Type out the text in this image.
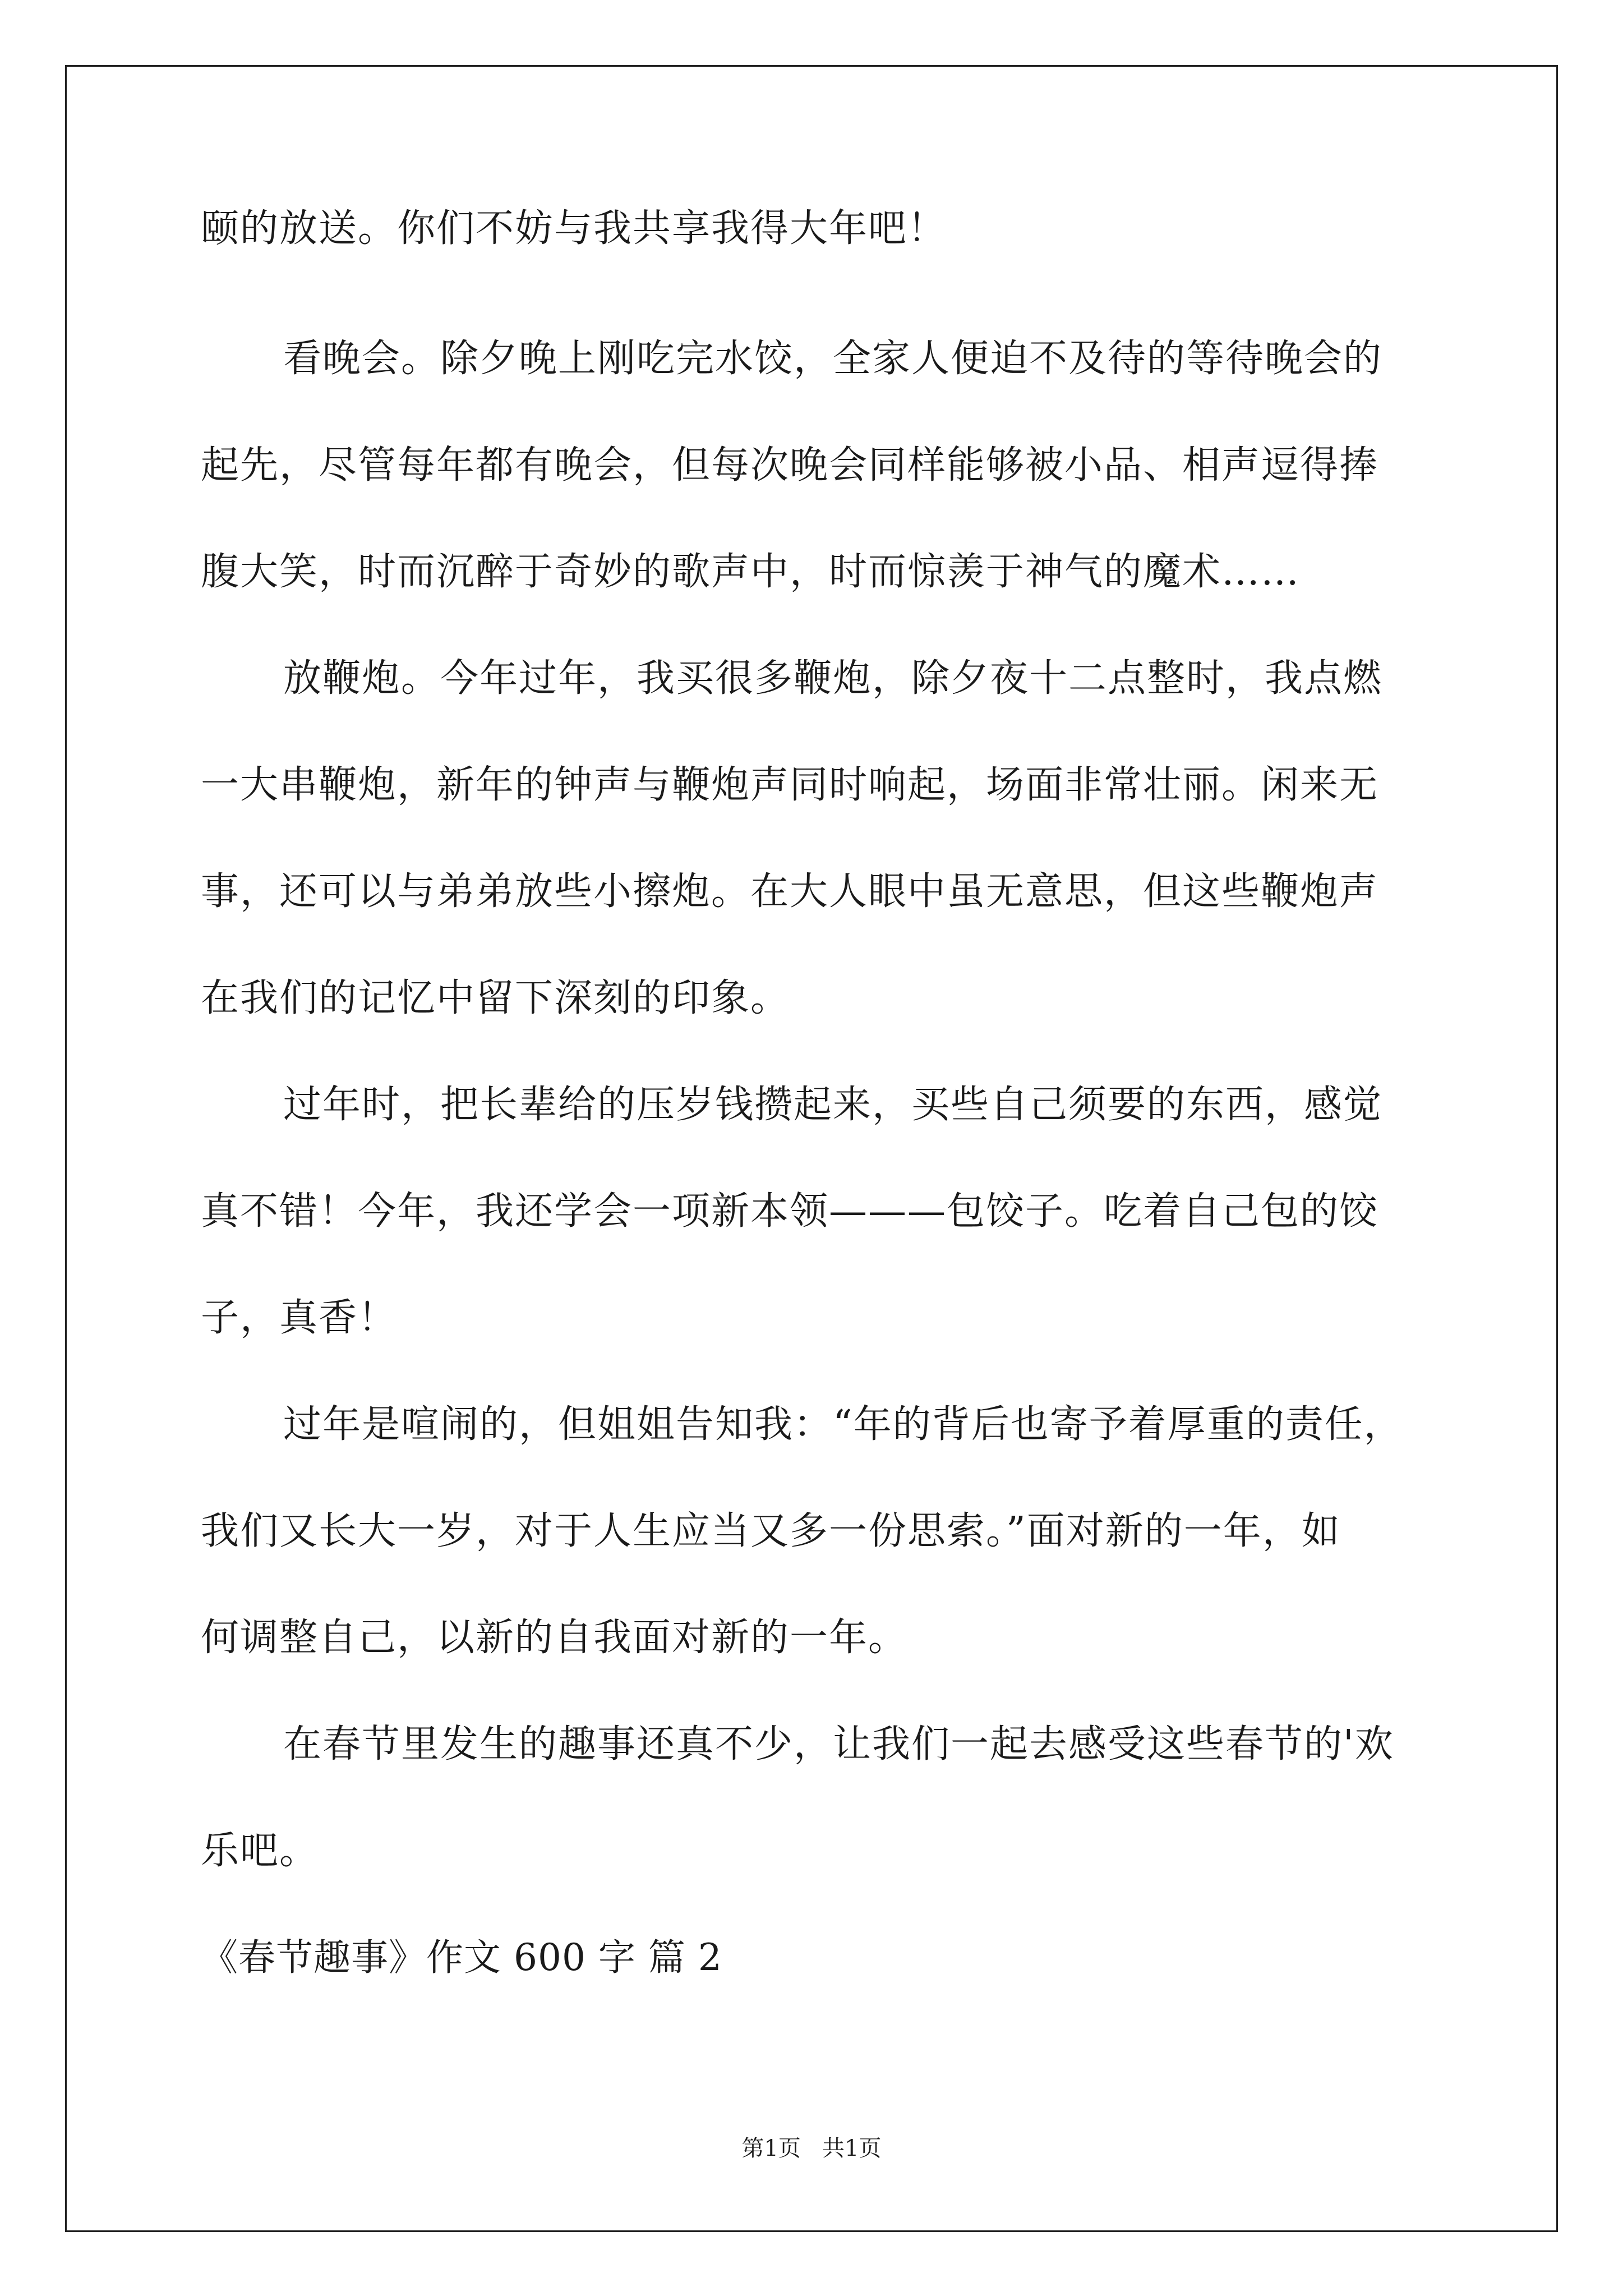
颐的放送。你们不妨与我共享我得大年吧！
看晚会。除夕晚上刚吃完水饺，全家人便迫不及待的等待晚会的
起先，尽管每年都有晚会，但每次晚会同样能够被小品、相声逗得捧
腹大笑，时而沉醉于奇妙的歌声中，时而惊羡于神气的魔术……
放鞭炮。今年过年，我买很多鞭炮，除夕夜十二点整时，我点燃
一大串鞭炮，新年的钟声与鞭炮声同时响起，场面非常壮丽。闲来无
事，还可以与弟弟放些小擦炮。在大人眼中虽无意思，但这些鞭炮声
在我们的记忆中留下深刻的印象。
过年时，把长辈给的压岁钱攒起来，买些自己须要的东西，感觉
真不错！今年，我还学会一项新本领———包饺子。吃着自己包的饺
子，真香！
过年是喧闹的，但姐姐告知我：“年的背后也寄予着厚重的责任，
我们又长大一岁，对于人生应当又多一份思索。”面对新的一年，如
何调整自己，以新的自我面对新的一年。
在春节里发生的趣事还真不少，让我们一起去感受这些春节的'欢
乐吧。
《春节趣事》作文 600 字 篇 2
第1页   共1页
